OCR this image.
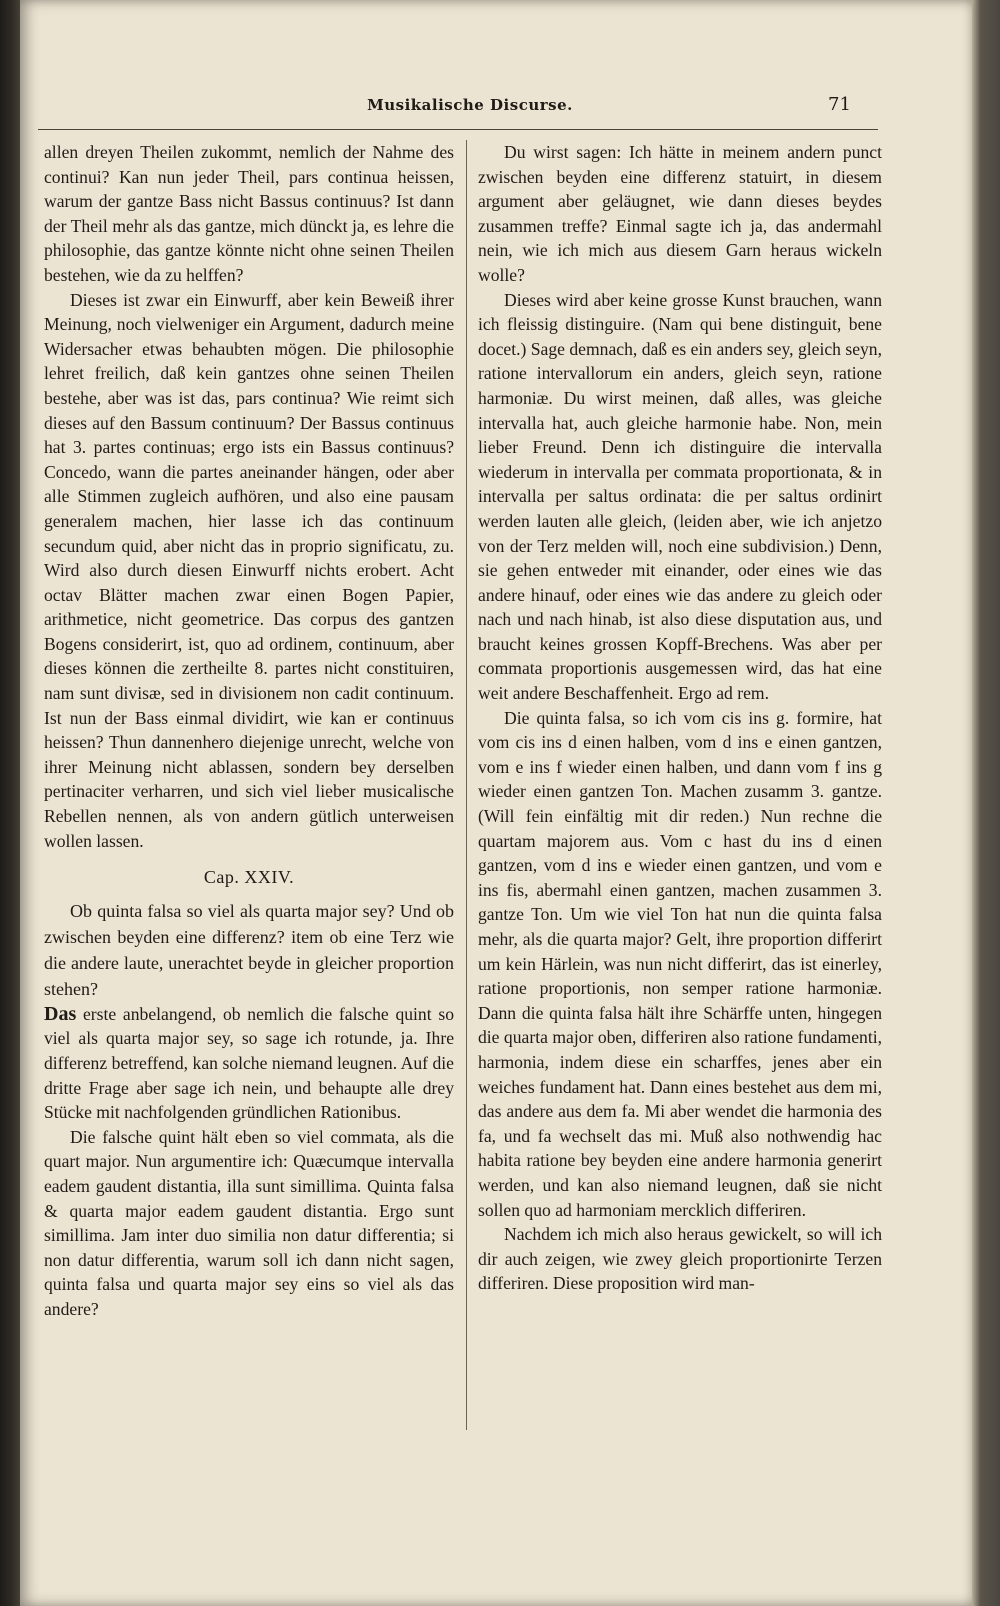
Musikalische Discurse.	71

allen dreyen Theilen zukommt, nemlich der Nahme des continui? Kan nun jeder Theil, pars continua heissen, warum der gantze Bass nicht Bassus continuus? Ist dann der Theil mehr als das gantze, mich dünckt ja, es lehre die philosophie, das gantze könnte nicht ohne seinen Theilen bestehen, wie da zu helffen?

Dieses ist zwar ein Einwurff, aber kein Beweiß ihrer Meinung, noch vielweniger ein Argument, dadurch meine Widersacher etwas behaubten mögen. Die philosophie lehret freilich, daß kein gantzes ohne seinen Theilen bestehe, aber was ist das, pars continua? Wie reimt sich dieses auf den Bassum continuum? Der Bassus continuus hat 3. partes continuas; ergo ists ein Bassus continuus? Concedo, wann die partes aneinander hängen, oder aber alle Stimmen zugleich aufhören, und also eine pausam generalem machen, hier lasse ich das continuum secundum quid, aber nicht das in proprio significatu, zu. Wird also durch diesen Einwurff nichts erobert. Acht octav Blätter machen zwar einen Bogen Papier, arithmetice, nicht geometrice. Das corpus des gantzen Bogens considerirt, ist, quo ad ordinem, continuum, aber dieses können die zertheilte 8. partes nicht constituiren, nam sunt divisæ, sed in divisionem non cadit continuum. Ist nun der Bass einmal dividirt, wie kan er continuus heissen? Thun dannenhero diejenige unrecht, welche von ihrer Meinung nicht ablassen, sondern bey derselben pertinaciter verharren, und sich viel lieber musicalische Rebellen nennen, als von andern gütlich unterweisen wollen lassen.

Cap. XXIV.

Ob quinta falsa so viel als quarta major sey? Und ob zwischen beyden eine differenz? item ob eine Terz wie die andere laute, unerachtet beyde in gleicher proportion stehen?

Das erste anbelangend, ob nemlich die falsche quint so viel als quarta major sey, so sage ich rotunde, ja. Ihre differenz betreffend, kan solche niemand leugnen. Auf die dritte Frage aber sage ich nein, und behaupte alle drey Stücke mit nachfolgenden gründlichen Rationibus.

Die falsche quint hält eben so viel commata, als die quart major. Nun argumentire ich: Quæcumque intervalla eadem gaudent distantia, illa sunt simillima. Quinta falsa & quarta major eadem gaudent distantia. Ergo sunt simillima. Jam inter duo similia non datur differentia; si non datur differentia, warum soll ich dann nicht sagen, quinta falsa und quarta major sey eins so viel als das andere?

Du wirst sagen: Ich hätte in meinem andern punct zwischen beyden eine differenz statuirt, in diesem argument aber geläugnet, wie dann dieses beydes zusammen treffe? Einmal sagte ich ja, das andermahl nein, wie ich mich aus diesem Garn heraus wickeln wolle?

Dieses wird aber keine grosse Kunst brauchen, wann ich fleissig distinguire. (Nam qui bene distinguit, bene docet.) Sage demnach, daß es ein anders sey, gleich seyn, ratione intervallorum ein anders, gleich seyn, ratione harmoniæ. Du wirst meinen, daß alles, was gleiche intervalla hat, auch gleiche harmonie habe. Non, mein lieber Freund. Denn ich distinguire die intervalla wiederum in intervalla per commata proportionata, & in intervalla per saltus ordinata: die per saltus ordinirt werden lauten alle gleich, (leiden aber, wie ich anjetzo von der Terz melden will, noch eine subdivision.) Denn, sie gehen entweder mit einander, oder eines wie das andere hinauf, oder eines wie das andere zu gleich oder nach und nach hinab, ist also diese disputation aus, und braucht keines grossen Kopff-Brechens. Was aber per commata proportionis ausgemessen wird, das hat eine weit andere Beschaffenheit. Ergo ad rem.

Die quinta falsa, so ich vom cis ins g. formire, hat vom cis ins d einen halben, vom d ins e einen gantzen, vom e ins f wieder einen halben, und dann vom f ins g wieder einen gantzen Ton. Machen zusamm 3. gantze. (Will fein einfältig mit dir reden.) Nun rechne die quartam majorem aus. Vom c hast du ins d einen gantzen, vom d ins e wieder einen gantzen, und vom e ins fis, abermahl einen gantzen, machen zusammen 3. gantze Ton. Um wie viel Ton hat nun die quinta falsa mehr, als die quarta major? Gelt, ihre proportion differirt um kein Härlein, was nun nicht differirt, das ist einerley, ratione proportionis, non semper ratione harmoniæ. Dann die quinta falsa hält ihre Schärffe unten, hingegen die quarta major oben, differiren also ratione fundamenti, harmonia, indem diese ein scharffes, jenes aber ein weiches fundament hat. Dann eines bestehet aus dem mi, das andere aus dem fa. Mi aber wendet die harmonia des fa, und fa wechselt das mi. Muß also nothwendig hac habita ratione bey beyden eine andere harmonia generirt werden, und kan also niemand leugnen, daß sie nicht sollen quo ad harmoniam mercklich differiren.

Nachdem ich mich also heraus gewickelt, so will ich dir auch zeigen, wie zwey gleich proportionirte Terzen differiren. Diese proposition wird man-
